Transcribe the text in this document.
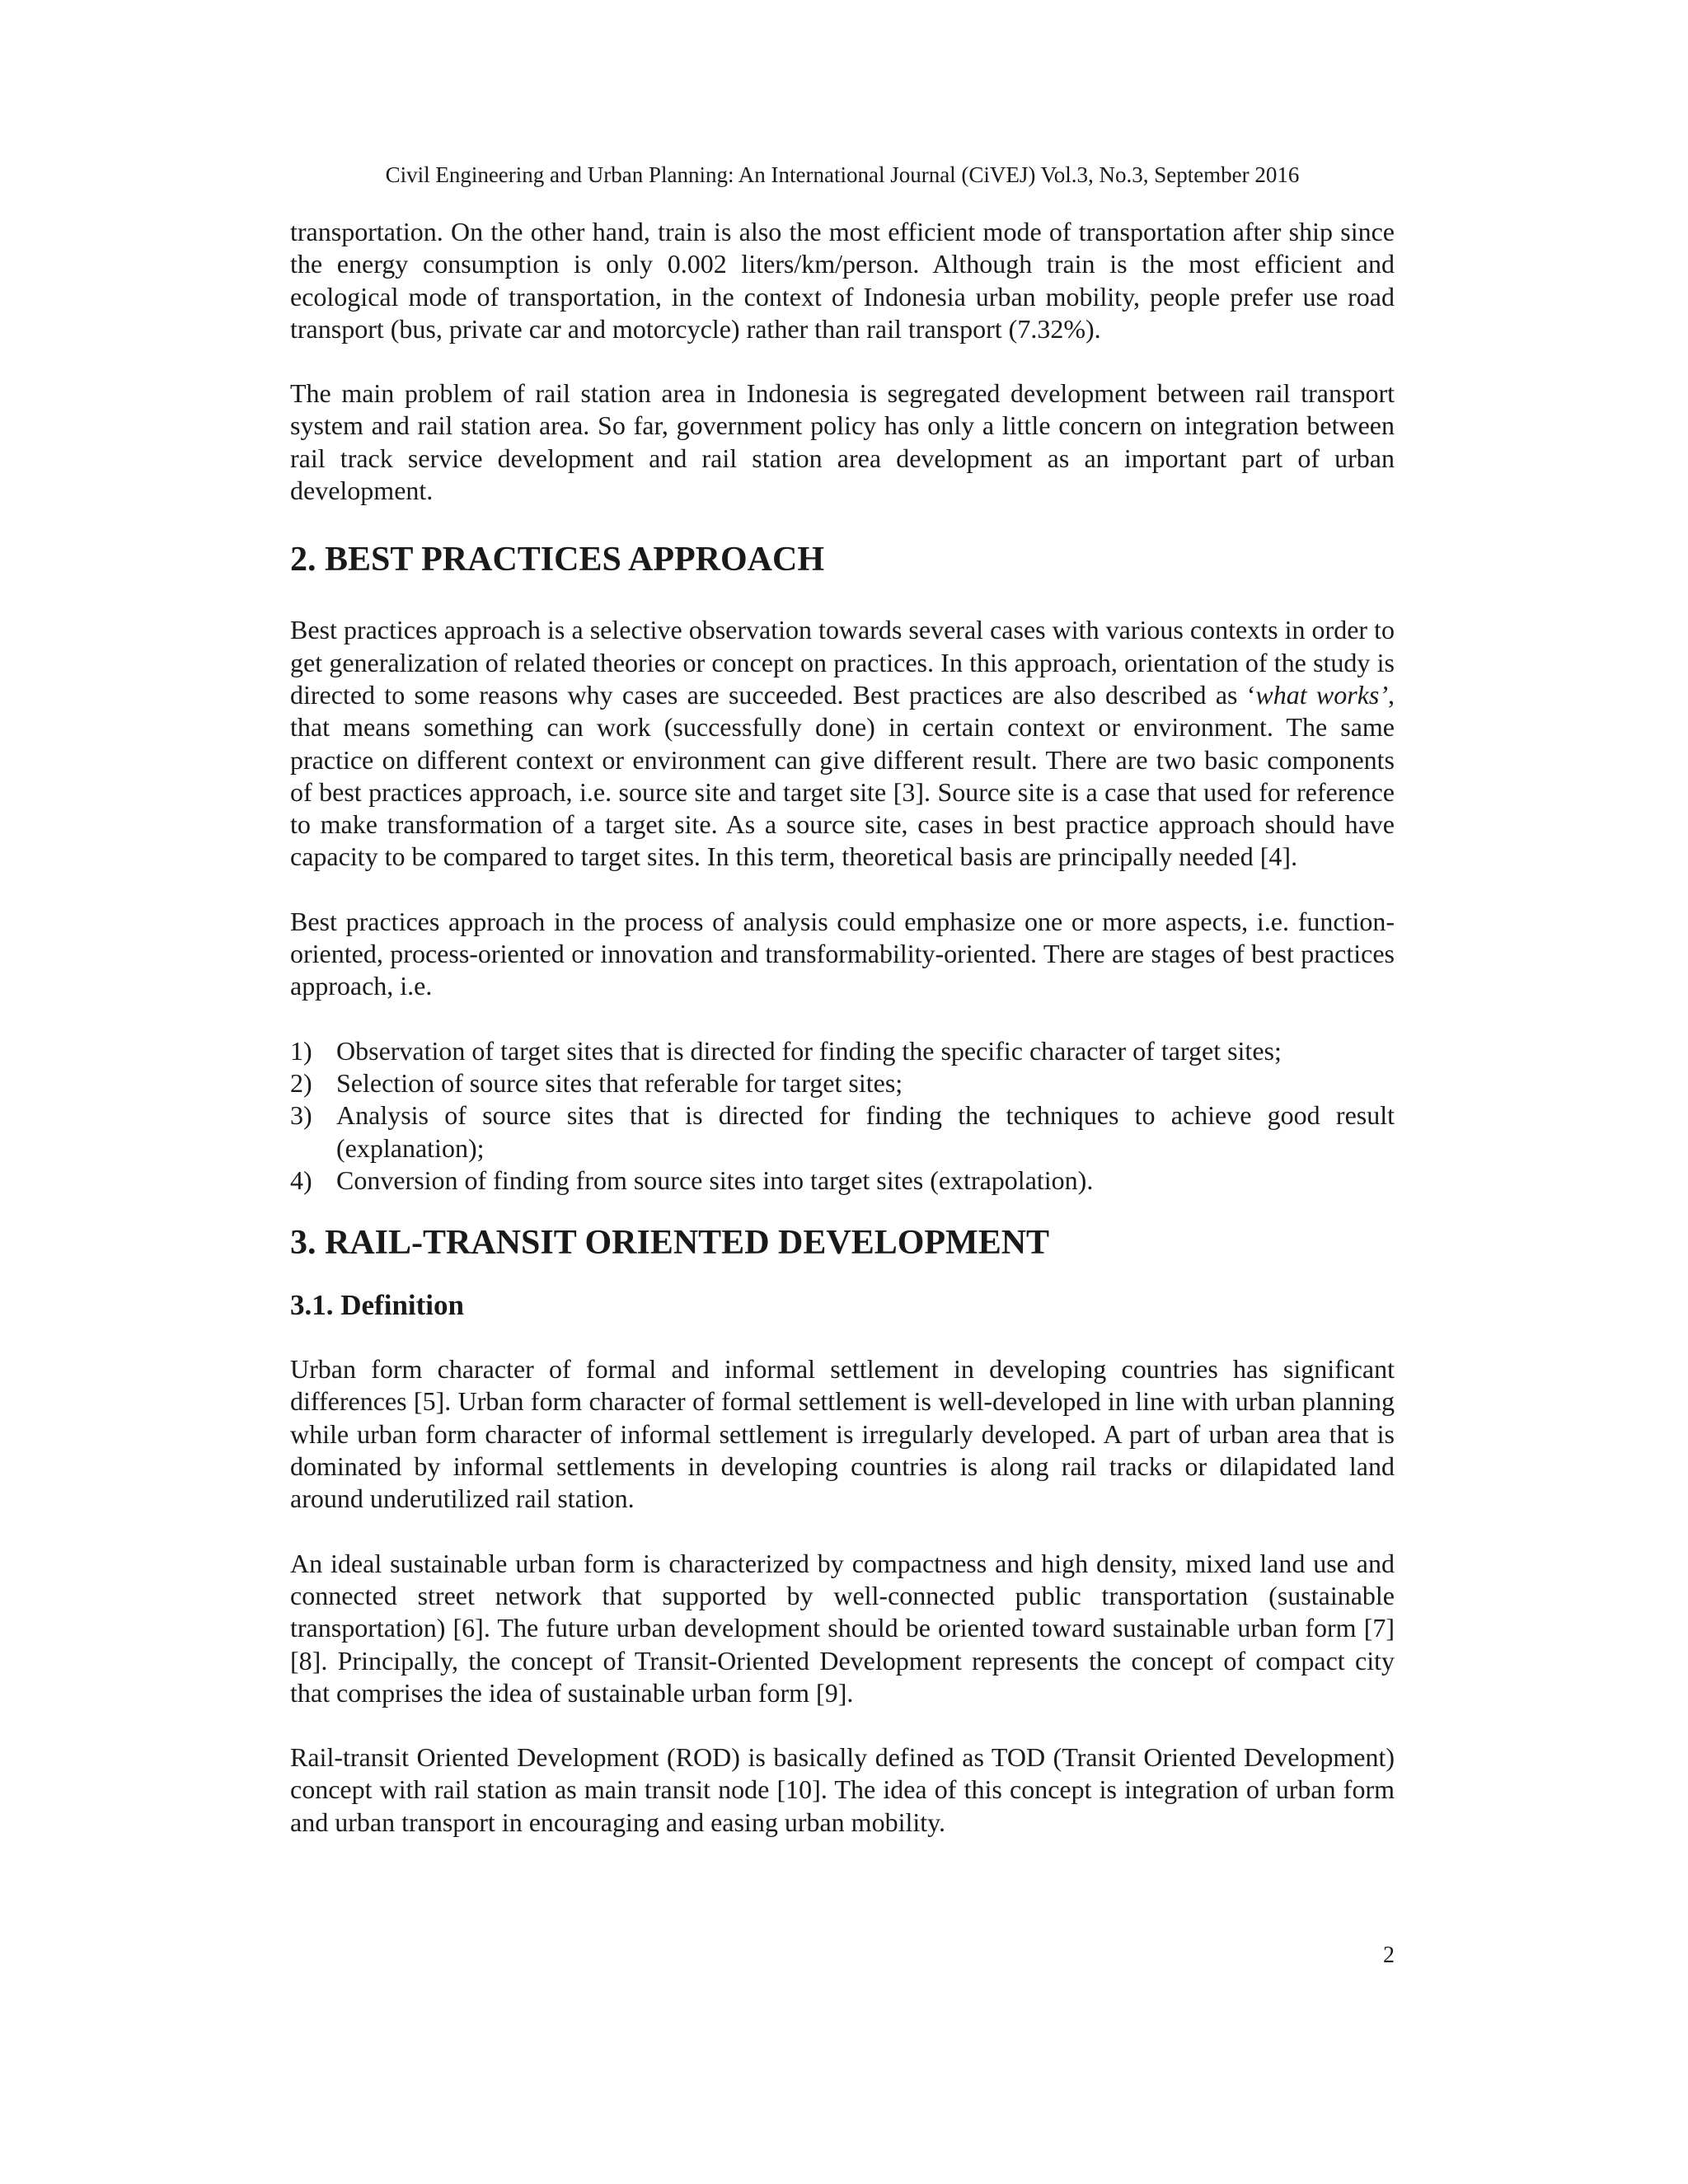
Civil Engineering and Urban Planning: An International Journal (CiVEJ) Vol.3, No.3, September 2016

transportation. On the other hand, train is also the most efficient mode of transportation after ship since the energy consumption is only 0.002 liters/km/person. Although train is the most efficient and ecological mode of transportation, in the context of Indonesia urban mobility, people prefer use road transport (bus, private car and motorcycle) rather than rail transport (7.32%).

The main problem of rail station area in Indonesia is segregated development between rail transport system and rail station area. So far, government policy has only a little concern on integration between rail track service development and rail station area development as an important part of urban development.

2. BEST PRACTICES APPROACH

Best practices approach is a selective observation towards several cases with various contexts in order to get generalization of related theories or concept on practices. In this approach, orientation of the study is directed to some reasons why cases are succeeded. Best practices are also described as ‘what works’, that means something can work (successfully done) in certain context or environment. The same practice on different context or environment can give different result. There are two basic components of best practices approach, i.e. source site and target site [3]. Source site is a case that used for reference to make transformation of a target site. As a source site, cases in best practice approach should have capacity to be compared to target sites. In this term, theoretical basis are principally needed [4].

Best practices approach in the process of analysis could emphasize one or more aspects, i.e. function-oriented, process-oriented or innovation and transformability-oriented. There are stages of best practices approach, i.e.

1) Observation of target sites that is directed for finding the specific character of target sites;
2) Selection of source sites that referable for target sites;
3) Analysis of source sites that is directed for finding the techniques to achieve good result (explanation);
4) Conversion of finding from source sites into target sites (extrapolation).
3. RAIL-TRANSIT ORIENTED DEVELOPMENT
3.1. Definition

Urban form character of formal and informal settlement in developing countries has significant differences [5]. Urban form character of formal settlement is well-developed in line with urban planning while urban form character of informal settlement is irregularly developed. A part of urban area that is dominated by informal settlements in developing countries is along rail tracks or dilapidated land around underutilized rail station.

An ideal sustainable urban form is characterized by compactness and high density, mixed land use and connected street network that supported by well-connected public transportation (sustainable transportation) [6]. The future urban development should be oriented toward sustainable urban form [7] [8]. Principally, the concept of Transit-Oriented Development represents the concept of compact city that comprises the idea of sustainable urban form [9].

Rail-transit Oriented Development (ROD) is basically defined as TOD (Transit Oriented Development) concept with rail station as main transit node [10]. The idea of this concept is integration of urban form and urban transport in encouraging and easing urban mobility.

2
